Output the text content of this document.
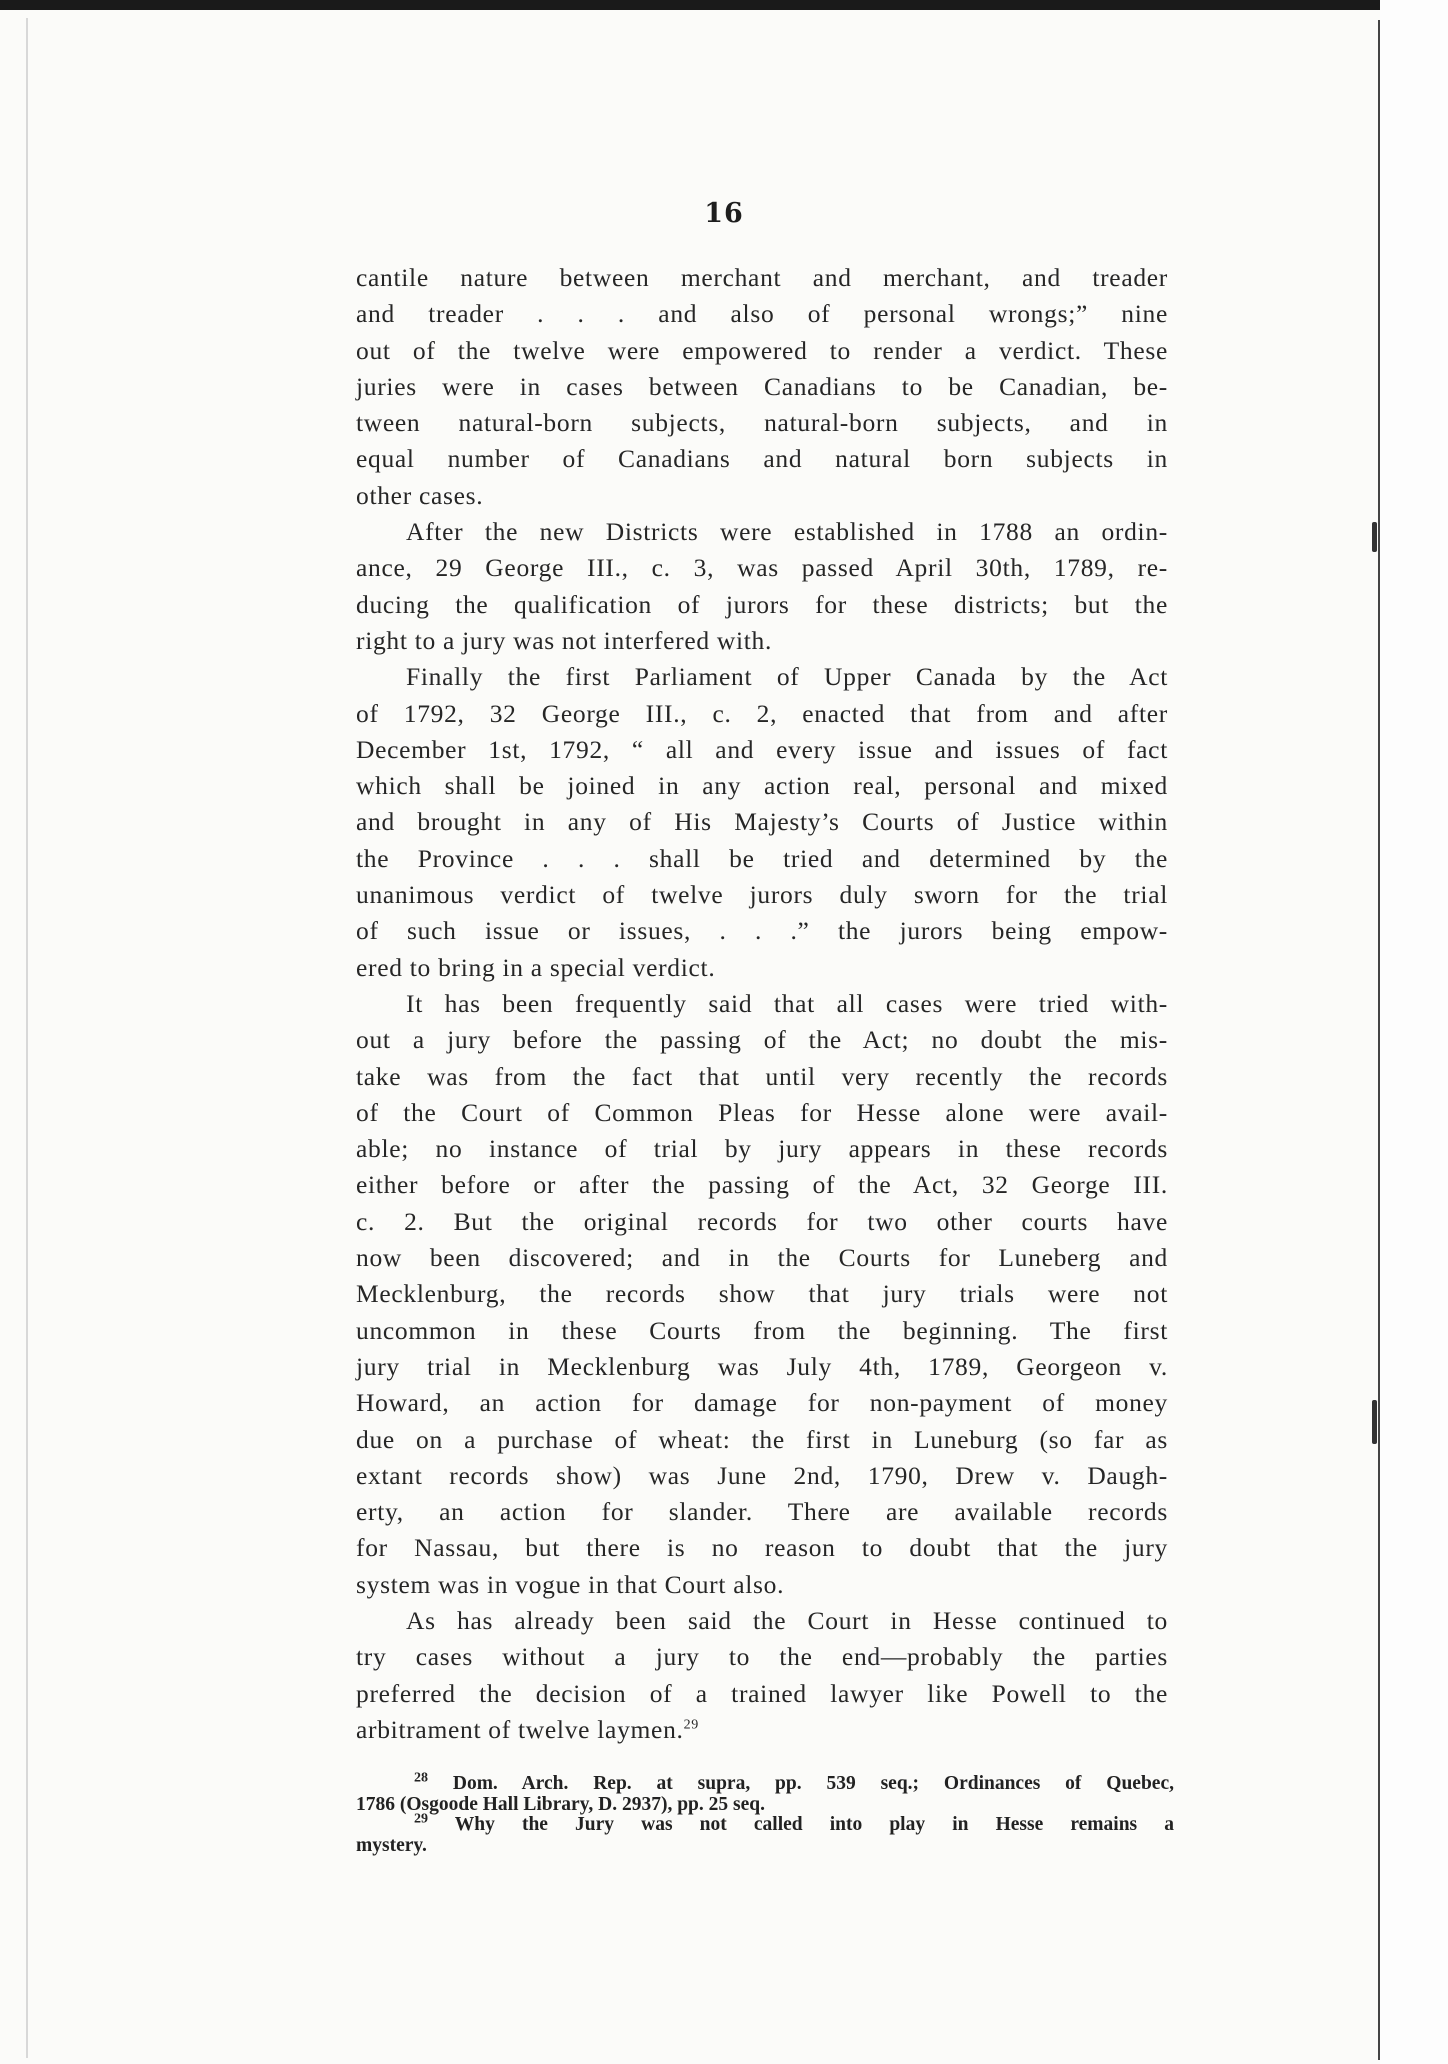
16
cantile nature between merchant and merchant, and treader
and treader . . . and also of personal wrongs;” nine
out of the twelve were empowered to render a verdict. These
juries were in cases between Canadians to be Canadian, be-
tween natural-born subjects, natural-born subjects, and in
equal number of Canadians and natural born subjects in
other cases.
After the new Districts were established in 1788 an ordin-
ance, 29 George III., c. 3, was passed April 30th, 1789, re-
ducing the qualification of jurors for these districts; but the
right to a jury was not interfered with.
Finally the first Parliament of Upper Canada by the Act
of 1792, 32 George III., c. 2, enacted that from and after
December 1st, 1792, “ all and every issue and issues of fact
which shall be joined in any action real, personal and mixed
and brought in any of His Majesty’s Courts of Justice within
the Province . . . shall be tried and determined by the
unanimous verdict of twelve jurors duly sworn for the trial
of such issue or issues, . . .” the jurors being empow-
ered to bring in a special verdict.
It has been frequently said that all cases were tried with-
out a jury before the passing of the Act; no doubt the mis-
take was from the fact that until very recently the records
of the Court of Common Pleas for Hesse alone were avail-
able; no instance of trial by jury appears in these records
either before or after the passing of the Act, 32 George III.
c. 2. But the original records for two other courts have
now been discovered; and in the Courts for Luneberg and
Mecklenburg, the records show that jury trials were not
uncommon in these Courts from the beginning. The first
jury trial in Mecklenburg was July 4th, 1789, Georgeon v.
Howard, an action for damage for non-payment of money
due on a purchase of wheat: the first in Luneburg (so far as
extant records show) was June 2nd, 1790, Drew v. Daugh-
erty, an action for slander. There are available records
for Nassau, but there is no reason to doubt that the jury
system was in vogue in that Court also.
As has already been said the Court in Hesse continued to
try cases without a jury to the end—probably the parties
preferred the decision of a trained lawyer like Powell to the
arbitrament of twelve laymen.$^{29}$
$^{28}$ Dom. Arch. Rep. at supra, pp. 539 seq.; Ordinances of Quebec,
1786 (Osgoode Hall Library, D. 2937), pp. 25 seq.
$^{29}$ Why the Jury was not called into play in Hesse remains a
mystery.
